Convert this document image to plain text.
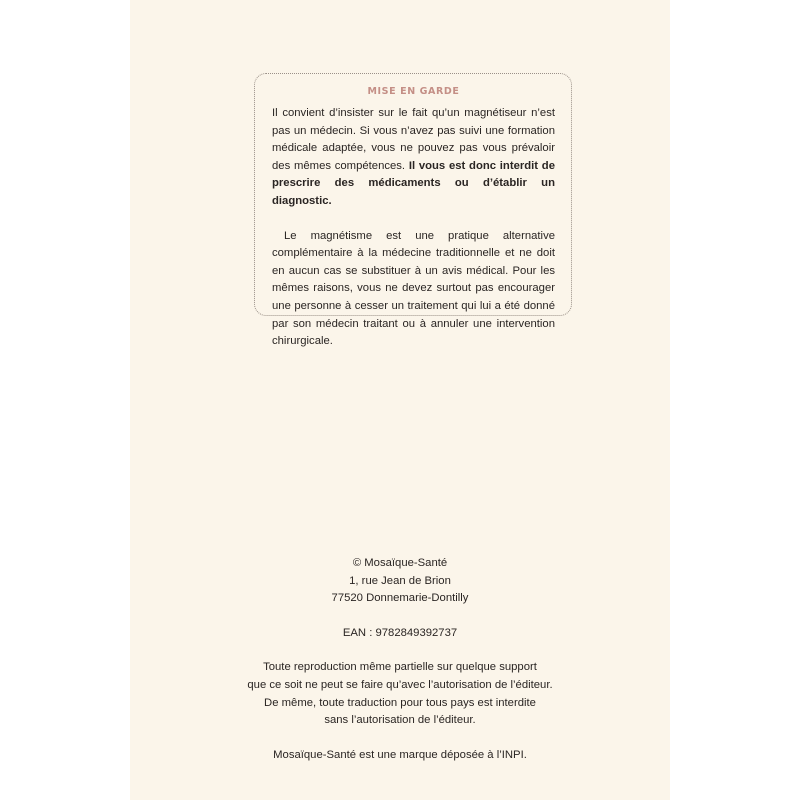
MISE EN GARDE

Il convient d’insister sur le fait qu’un magnétiseur n’est pas un médecin. Si vous n’avez pas suivi une formation médicale adaptée, vous ne pouvez pas vous prévaloir des mêmes compétences. Il vous est donc interdit de prescrire des médicaments ou d’établir un diagnostic.

Le magnétisme est une pratique alternative complémentaire à la médecine traditionnelle et ne doit en aucun cas se substituer à un avis médical. Pour les mêmes raisons, vous ne devez surtout pas encourager une personne à cesser un traitement qui lui a été donné par son médecin traitant ou à annuler une intervention chirurgicale.

© Mosaïque-Santé
1, rue Jean de Brion
77520 Donnemarie-Dontilly
EAN : 9782849392737
Toute reproduction même partielle sur quelque support
que ce soit ne peut se faire qu’avec l’autorisation de l’éditeur.
De même, toute traduction pour tous pays est interdite
sans l’autorisation de l’éditeur.
Mosaïque-Santé est une marque déposée à l’INPI.
